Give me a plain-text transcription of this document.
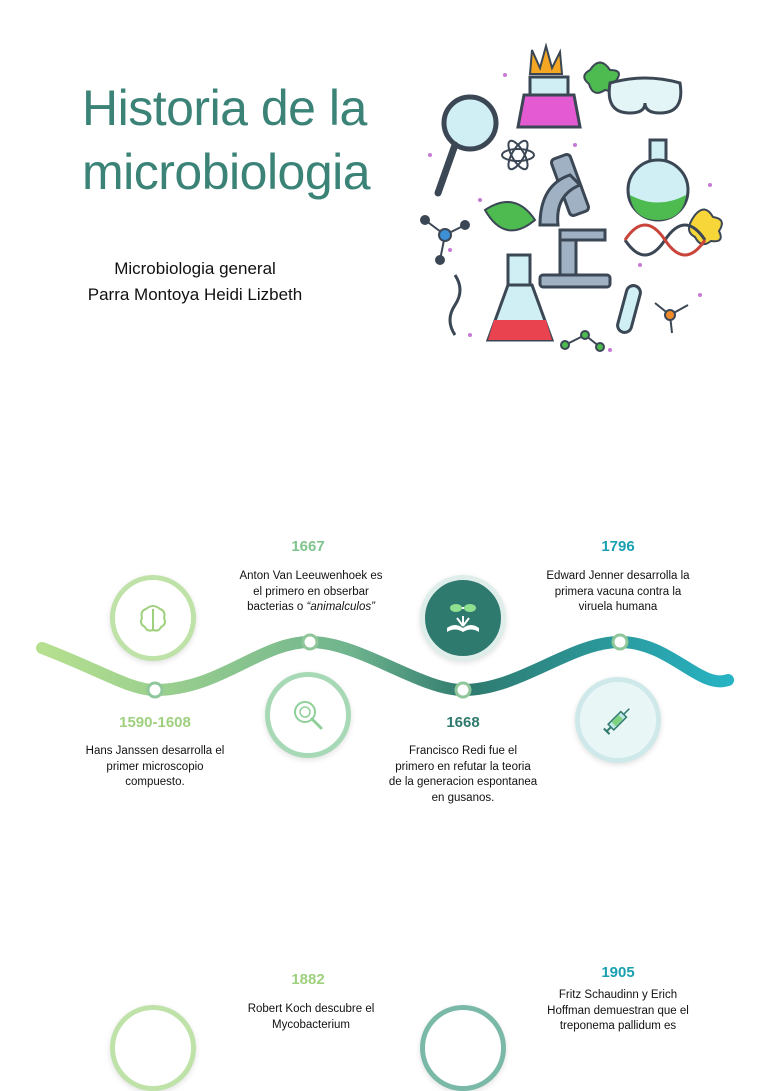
Historia de la microbiologia
Microbiologia general
Parra Montoya Heidi Lizbeth
1590-1608
Hans Janssen desarrolla el primer microscopio compuesto.
1667
Anton Van Leeuwenhoek es el primero en obserbar bacterias o “animalculos”
1668
Francisco Redi fue el primero en refutar la teoria de la generacion espontanea en gusanos.
1796
Edward Jenner desarrolla la primera vacuna contra la viruela humana
1882
Robert Koch descubre el Mycobacterium
1905
Fritz Schaudinn y Erich Hoffman demuestran que el treponema pallidum es
